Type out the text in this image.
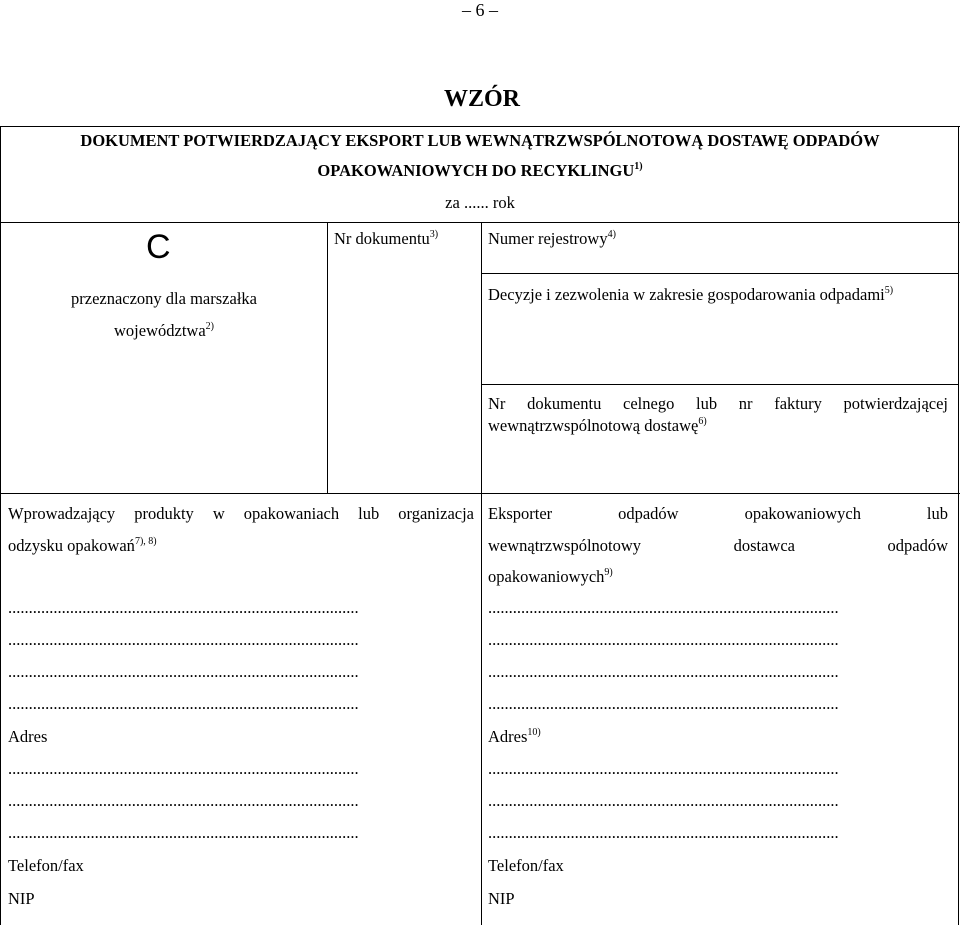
– 6 –
WZÓR
DOKUMENT POTWIERDZAJĄCY EKSPORT LUB WEWNĄTRZWSPÓLNOTOWĄ DOSTAWĘ ODPADÓW
OPAKOWANIOWYCH DO RECYKLINGU$^{1)}$
za ...... rok
C
przeznaczony dla marszałka
województwa$^{2)}$
Nr dokumentu$^{3)}$	Numer rejestrowy$^{4)}$
Decyzje i zezwolenia w zakresie gospodarowania odpadami$^{5)}$
Nr dokumentu celnego lub nr faktury potwierdzającej
wewnątrzwspólnotową dostawę$^{6)}$
Wprowadzający produkty w opakowaniach lub organizacja
odzysku opakowań$^{7), 8)}$
.....................................................................................
.....................................................................................
.....................................................................................
.....................................................................................
Adres
.....................................................................................
.....................................................................................
.....................................................................................
Telefon/fax
NIP
Eksporter odpadów opakowaniowych lub
wewnątrzwspólnotowy dostawca odpadów
opakowaniowych$^{9)}$
.....................................................................................
.....................................................................................
.....................................................................................
.....................................................................................
Adres$^{10)}$
.....................................................................................
.....................................................................................
.....................................................................................
Telefon/fax
NIP
